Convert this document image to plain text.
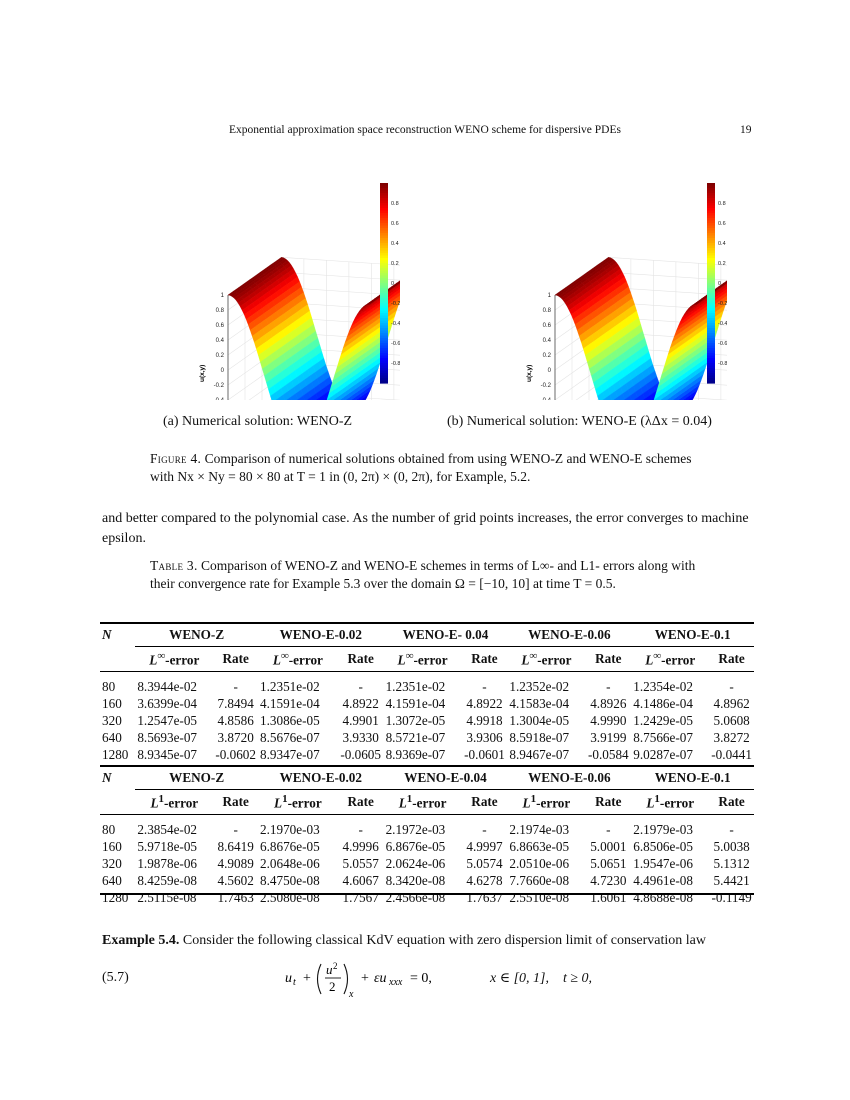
Exponential approximation space reconstruction WENO scheme for dispersive PDEs	19
1
0.8
0.6
0.4
0.2
0
-0.2
u(x,y)
0.8
0.6
0.4
0.2
0
-0.2
-0.4
-0.6
-0.8
1
0.8
0.6
0.4
0.2
0
-0.2
u(x,y)
0.8
0.6
0.4
0.2
0
-0.2
-0.4
-0.6
-0.8
(a) Numerical solution: WENO-Z	(b) Numerical solution: WENO-E (λΔx = 0.04)
Figure 4. Comparison of numerical solutions obtained from using WENO-Z and WENO-E schemes with Nx × Ny = 80 × 80 at T = 1 in (0, 2π) × (0, 2π), for Example, 5.2.
and better compared to the polynomial case. As the number of grid points increases, the error converges to machine epsilon.
Table 3. Comparison of WENO-Z and WENO-E schemes in terms of L∞- and L1- errors along with their convergence rate for Example 5.3 over the domain Ω = [−10, 10] at time T = 0.5.
N	WENO-Z		WENO-E-0.02		WENO-E- 0.04		WENO-E-0.06		WENO-E-0.1	
	L∞-error	Rate	L∞-error	Rate	L∞-error	Rate	L∞-error	Rate	L∞-error	Rate
80	8.3944e-02	-	1.2351e-02	-	1.2351e-02	-	1.2352e-02	-	1.2354e-02	-
160	3.6399e-04	7.8494	4.1591e-04	4.8922	4.1591e-04	4.8922	4.1583e-04	4.8926	4.1486e-04	4.8962
320	1.2547e-05	4.8586	1.3086e-05	4.9901	1.3072e-05	4.9918	1.3004e-05	4.9990	1.2429e-05	5.0608
640	8.5693e-07	3.8720	8.5676e-07	3.9330	8.5721e-07	3.9306	8.5918e-07	3.9199	8.7566e-07	3.8272
1280	8.9345e-07	-0.0602	8.9347e-07	-0.0605	8.9369e-07	-0.0601	8.9467e-07	-0.0584	9.0287e-07	-0.0441
N	WENO-Z		WENO-E-0.02		WENO-E-0.04		WENO-E-0.06		WENO-E-0.1	
	$L^1$-error	Rate	$L^1$-error	Rate	$L^1$-error	Rate	$L^1$-error	Rate	$L^1$-error	Rate
80	2.3854e-02	-	2.1970e-03	-	2.1972e-03	-	2.1974e-03	-	2.1979e-03	-
160	5.9718e-05	8.6419	6.8676e-05	4.9996	6.8676e-05	4.9997	6.8663e-05	5.0001	6.8506e-05	5.0038
320	1.9878e-06	4.9089	2.0648e-06	5.0557	2.0624e-06	5.0574	2.0510e-06	5.0651	1.9547e-06	5.1312
640	8.4259e-08	4.5602	8.4750e-08	4.6067	8.3420e-08	4.6278	7.7660e-08	4.7230	4.4961e-08	5.4421
1280	2.5115e-08	1.7463	2.5080e-08	1.7567	2.4566e-08	1.7637	2.5510e-08	1.6061	4.8688e-08	-0.1149
Example 5.4. Consider the following classical KdV equation with zero dispersion limit of conservation law
(5.7)	u t +
u 2
2
x
+ εu xxx = 0,	x ∈ [0, 1],    t ≥ 0,
